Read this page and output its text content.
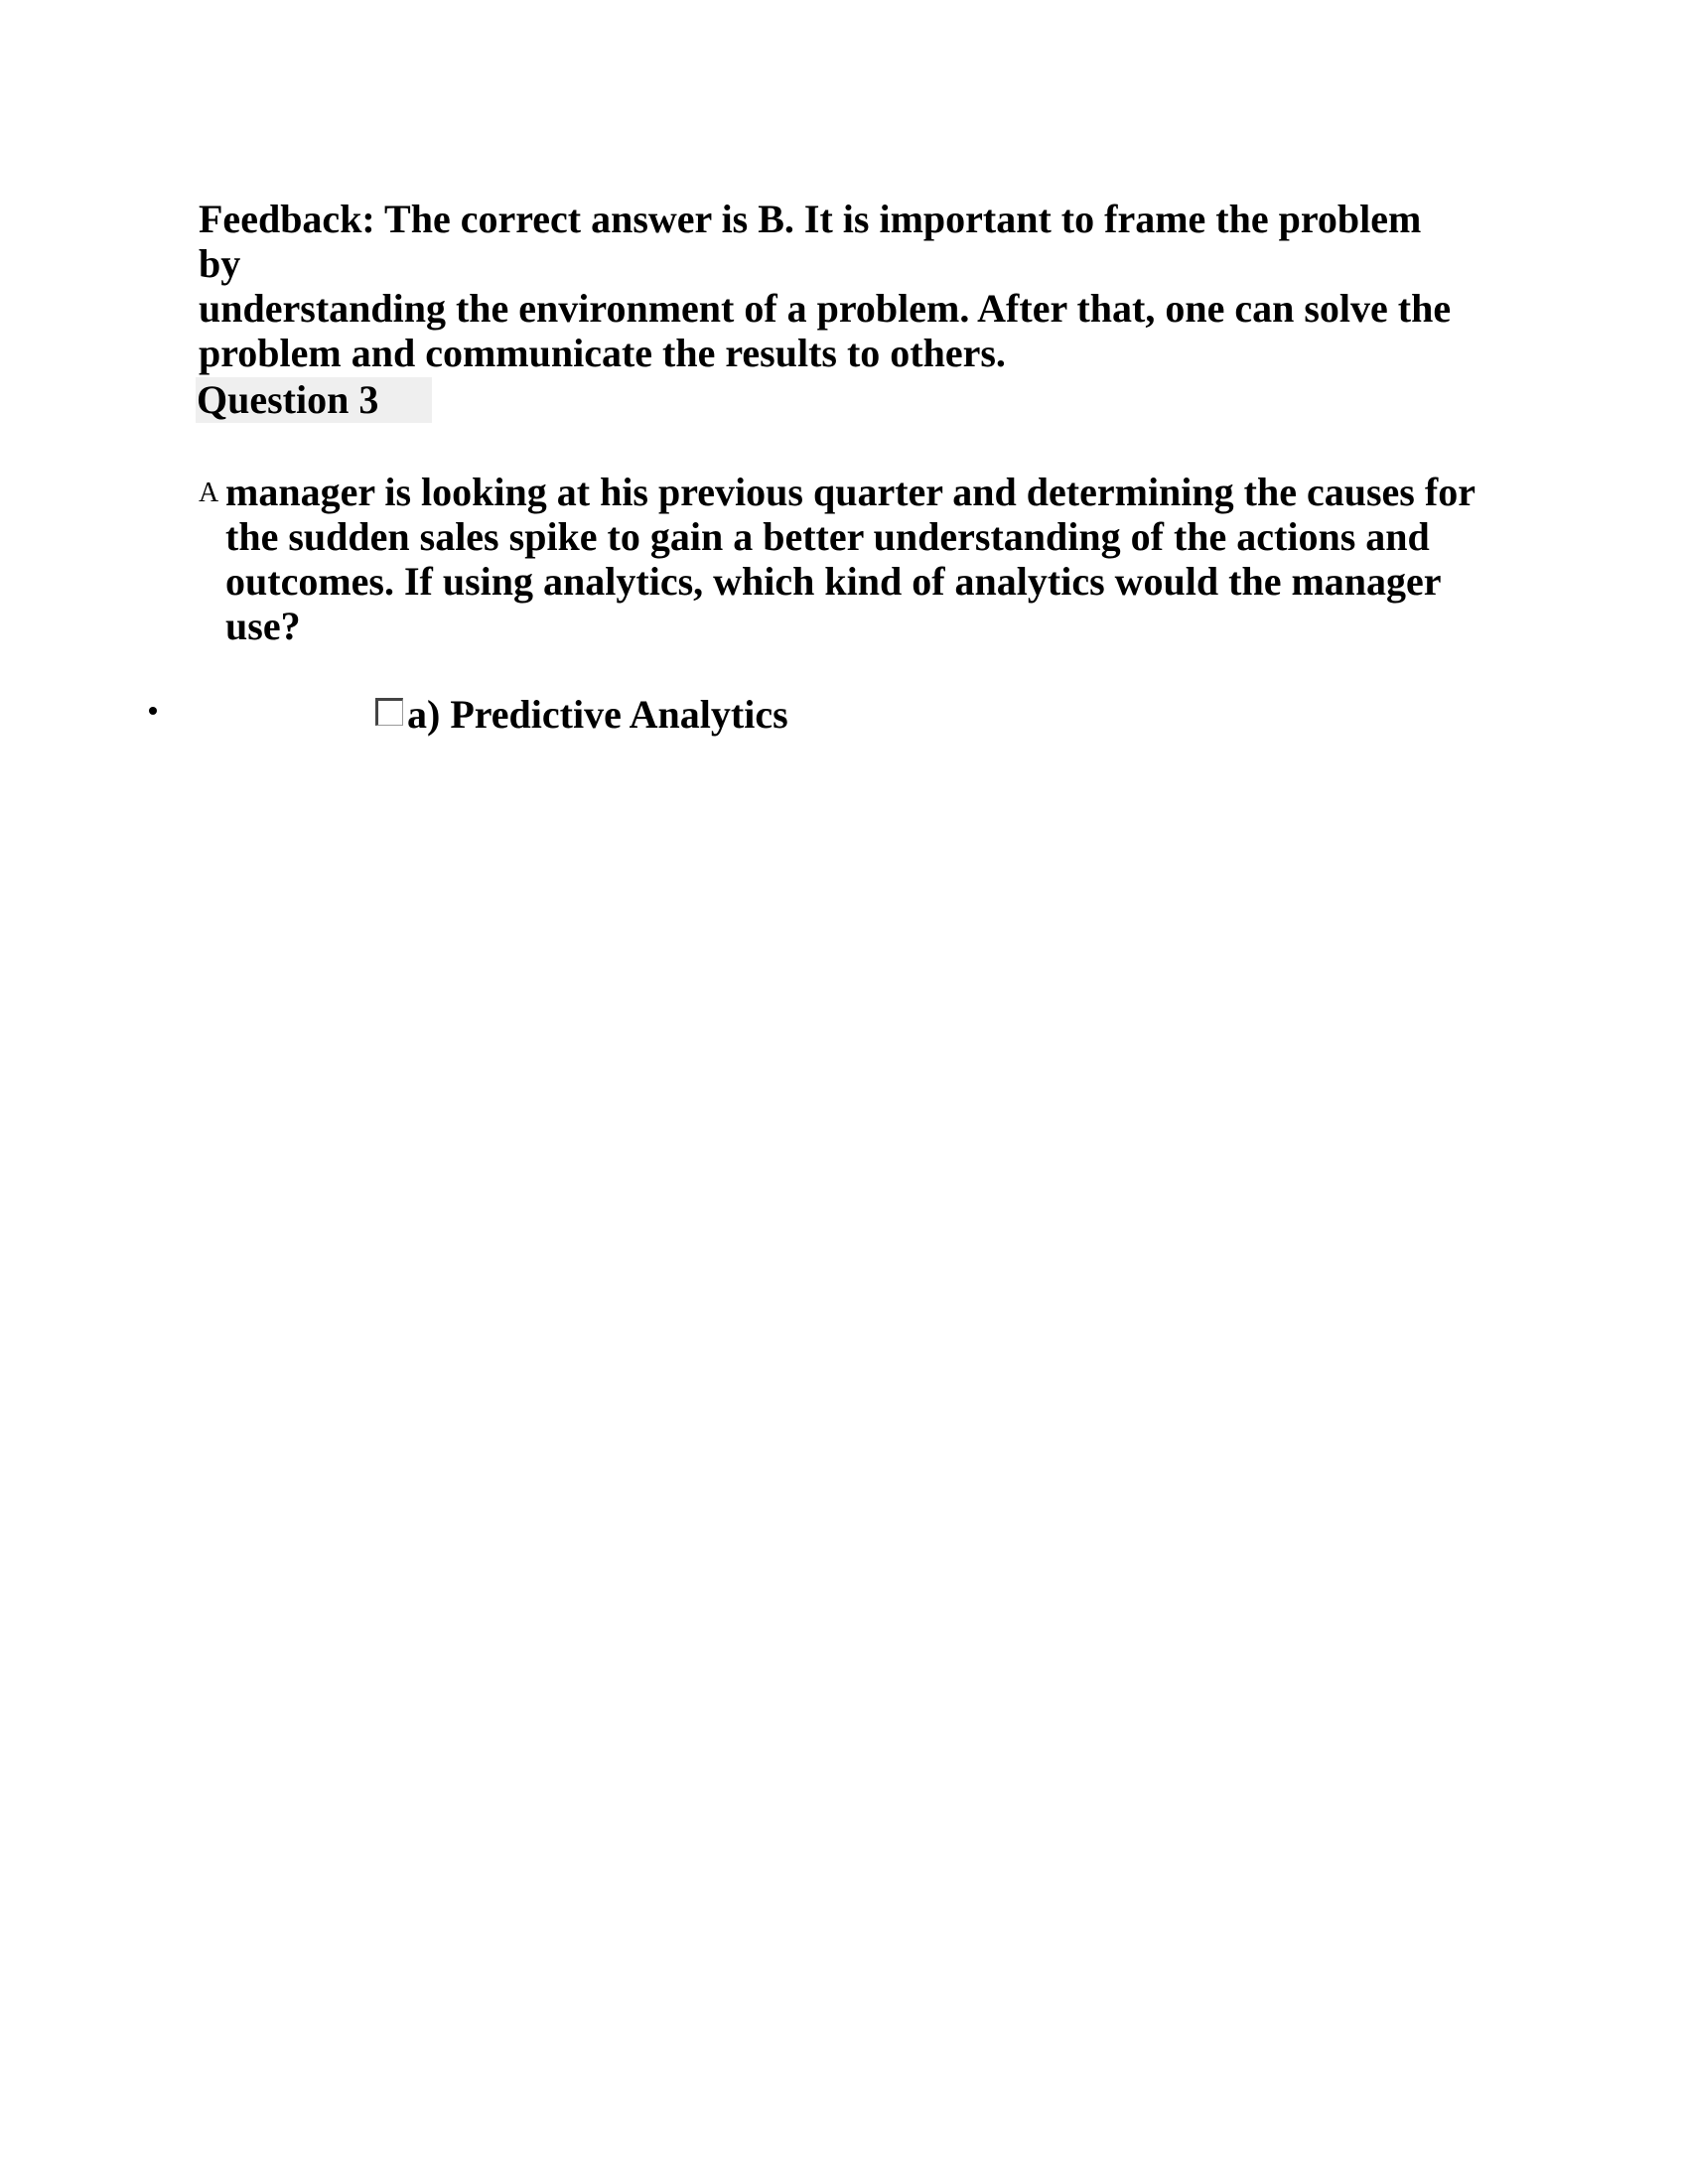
Feedback: The correct answer is B. It is important to frame the problem by
understanding the environment of a problem. After that, one can solve the
problem and communicate the results to others.

Question 3
A manager is looking at his previous quarter and determining the causes for
the sudden sales spike to gain a better understanding of the actions and
outcomes. If using analytics, which kind of analytics would the manager
use?
a) Predictive Analytics
